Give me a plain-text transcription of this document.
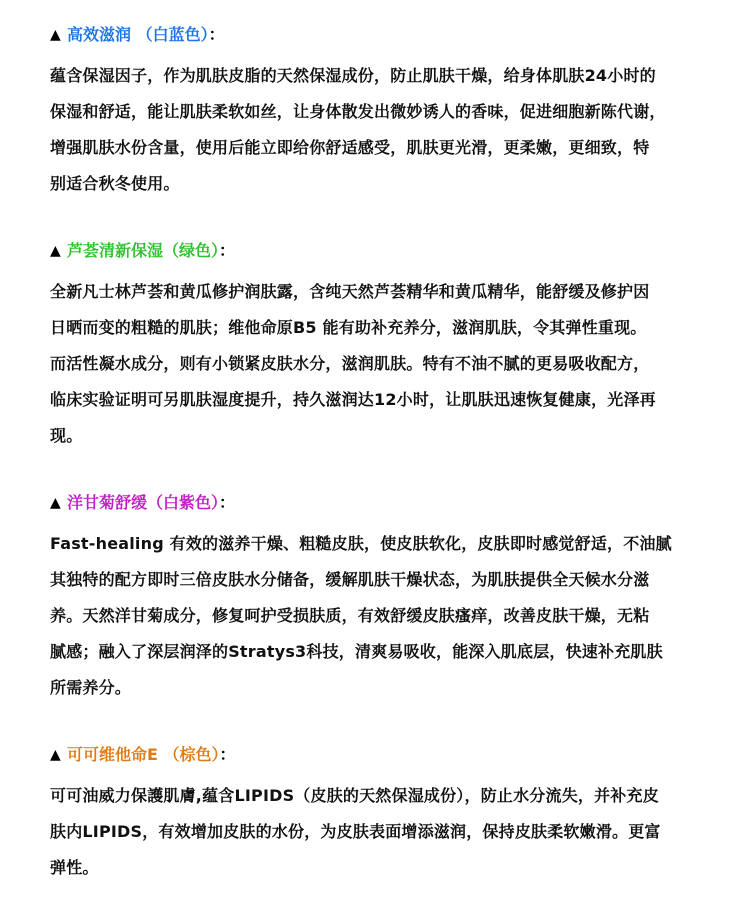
▲ 高效滋润 （白蓝色）：
蕴含保湿因子，作为肌肤皮脂的天然保湿成份，防止肌肤干燥，给身体肌肤24小时的
保湿和舒适，能让肌肤柔软如丝，让身体散发出微妙诱人的香味，促进细胞新陈代谢，
增强肌肤水份含量，使用后能立即给你舒适感受，肌肤更光滑，更柔嫩，更细致，特
别适合秋冬使用。
▲ 芦荟清新保湿（绿色）：
全新凡士林芦荟和黄瓜修护润肤露，含纯天然芦荟精华和黄瓜精华，能舒缓及修护因
日晒而变的粗糙的肌肤；维他命原B5 能有助补充养分，滋润肌肤，令其弹性重现。
而活性凝水成分，则有小锁紧皮肤水分，滋润肌肤。特有不油不腻的更易吸收配方，
临床实验证明可另肌肤湿度提升，持久滋润达12小时，让肌肤迅速恢复健康，光泽再
现。
▲ 洋甘菊舒缓（白紫色）：
Fast-healing 有效的滋养干燥、粗糙皮肤，使皮肤软化，皮肤即时感觉舒适，不油腻
其独特的配方即时三倍皮肤水分储备，缓解肌肤干燥状态，为肌肤提供全天候水分滋
养。天然洋甘菊成分，修复呵护受损肤质，有效舒缓皮肤瘙痒，改善皮肤干燥，无粘
腻感；融入了深层润泽的Stratys3科技，清爽易吸收，能深入肌底层，快速补充肌肤
所需养分。
▲ 可可维他命E （棕色）：
可可油威力保護肌膚,蕴含LIPIDS（皮肤的天然保湿成份），防止水分流失，并补充皮
肤内LIPIDS，有效增加皮肤的水份，为皮肤表面增添滋润，保持皮肤柔软嫩滑。更富
弹性。
